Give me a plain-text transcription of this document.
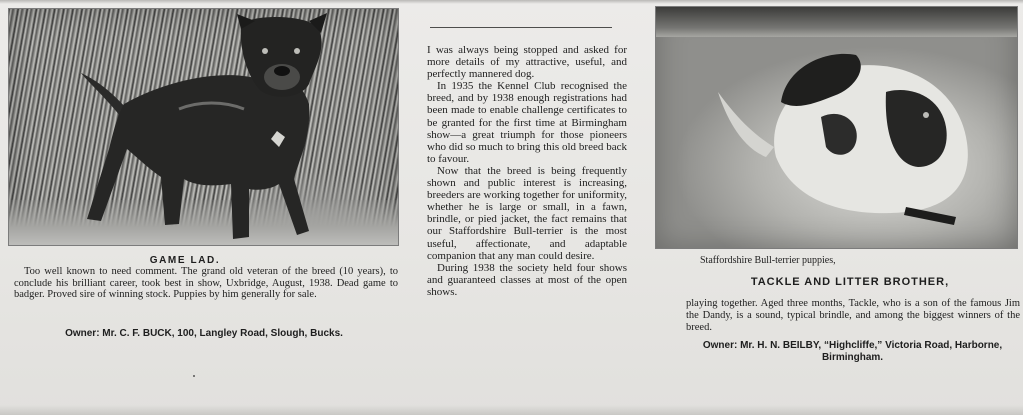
GAME LAD.
Too well known to need comment. The grand old veteran of the breed (10 years), to conclude his brilliant career, took best in show, Uxbridge, August, 1938. Dead game to badger. Proved sire of winning stock. Puppies by him generally for sale.
Owner: Mr. C. F. BUCK, 100, Langley Road, Slough, Bucks.

I was always being stopped and asked for more details of my attractive, useful, and perfectly mannered dog.

In 1935 the Kennel Club recognised the breed, and by 1938 enough registrations had been made to enable challenge certificates to be granted for the first time at Birmingham show—a great triumph for those pioneers who did so much to bring this old breed back to favour.

Now that the breed is being frequently shown and public interest is increasing, breeders are working together for uniformity, whether he is large or small, in a fawn, brindle, or pied jacket, the fact remains that our Staffordshire Bull-terrier is the most useful, affectionate, and adaptable companion that any man could desire.

During 1938 the society held four shows and guaranteed classes at most of the open shows.

Staffordshire Bull-terrier puppies,
TACKLE AND LITTER BROTHER,
playing together. Aged three months, Tackle, who is a son of the famous Jim the Dandy, is a sound, typical brindle, and among the biggest winners of the breed.
Owner: Mr. H. N. BEILBY, “Highcliffe,” Victoria Road, Harborne, Birmingham.
